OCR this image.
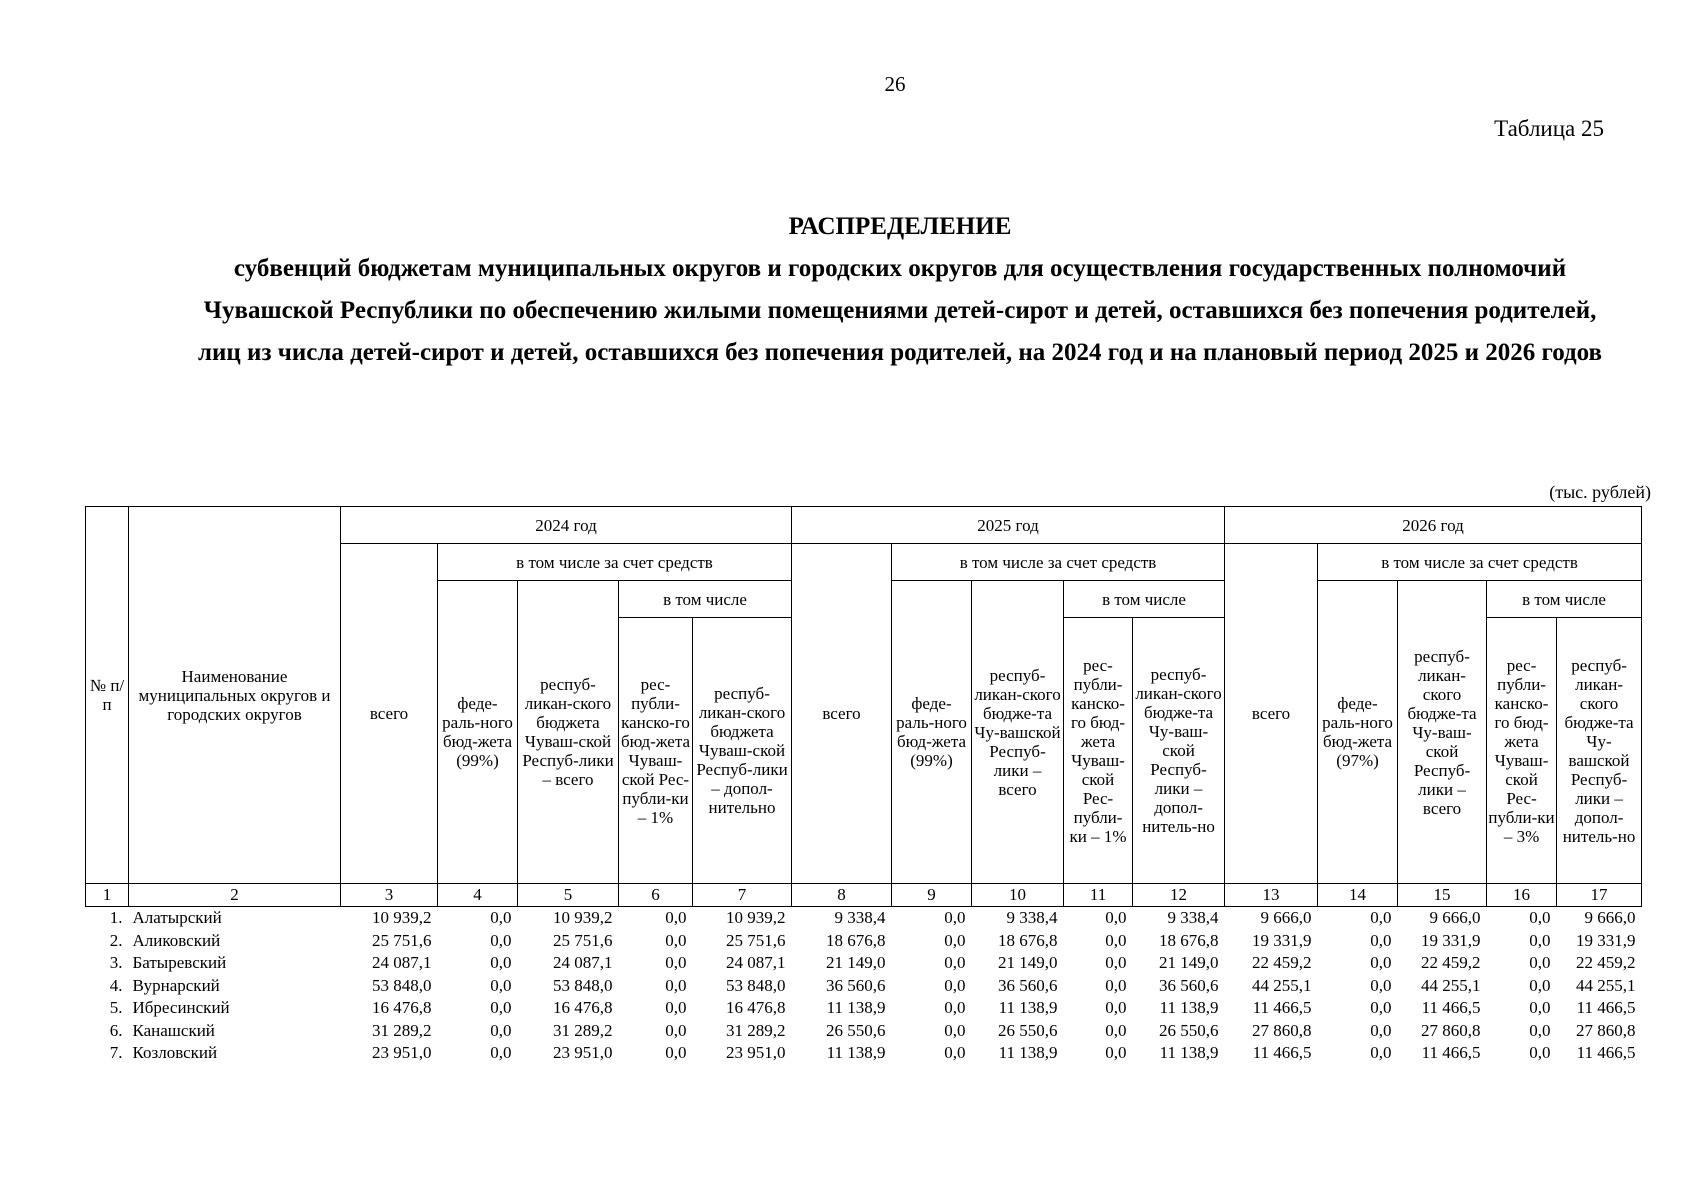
26
Таблица 25
РАСПРЕДЕЛЕНИЕ
субвенций бюджетам муниципальных округов и городских округов для осуществления государственных полномочий Чувашской Республики по обеспечению жилыми помещениями детей-сирот и детей, оставшихся без попечения родителей, лиц из числа детей-сирот и детей, оставшихся без попечения родителей, на 2024 год и на плановый период 2025 и 2026 годов
(тыс. рублей)
№ п/п	Наименование муниципальных округов и городских округов	2024 год					2025 год					2026 год				
		всего	в том числе за счет средств				всего	в том числе за счет средств				всего	в том числе за счет средств			
			феде-раль-ного бюд-жета (99%)	респуб-ликан-ского бюджета Чуваш-ской Респуб-лики – всего	в том числе			феде-раль-ного бюд-жета (99%)	респуб-ликан-ского бюдже-та Чу-вашской Респуб-лики – всего	в том числе			феде-раль-ного бюд-жета (97%)	респуб-ликан-ского бюдже-та Чу-ваш-ской Респуб-лики – всего	в том числе	
					рес-публи-канско-го бюд-жета Чуваш-ской Рес-публи-ки – 1%	респуб-ликан-ского бюджета Чуваш-ской Респуб-лики – допол-нительно				рес-публи-канско-го бюд-жета Чуваш-ской Рес-публи-ки – 1%	респуб-ликан-ского бюдже-та Чу-ваш-ской Респуб-лики – допол-нитель-но				рес-публи-канско-го бюд-жета Чуваш-ской Рес-публи-ки – 3%	респуб-ликан-ского бюдже-та Чу-вашской Респуб-лики – допол-нитель-но
1	2	3	4	5	6	7	8	9	10	11	12	13	14	15	16	17
1.	Алатырский	10 939,2	0,0	10 939,2	0,0	10 939,2	9 338,4	0,0	9 338,4	0,0	9 338,4	9 666,0	0,0	9 666,0	0,0	9 666,0
2.	Аликовский	25 751,6	0,0	25 751,6	0,0	25 751,6	18 676,8	0,0	18 676,8	0,0	18 676,8	19 331,9	0,0	19 331,9	0,0	19 331,9
3.	Батыревский	24 087,1	0,0	24 087,1	0,0	24 087,1	21 149,0	0,0	21 149,0	0,0	21 149,0	22 459,2	0,0	22 459,2	0,0	22 459,2
4.	Вурнарский	53 848,0	0,0	53 848,0	0,0	53 848,0	36 560,6	0,0	36 560,6	0,0	36 560,6	44 255,1	0,0	44 255,1	0,0	44 255,1
5.	Ибресинский	16 476,8	0,0	16 476,8	0,0	16 476,8	11 138,9	0,0	11 138,9	0,0	11 138,9	11 466,5	0,0	11 466,5	0,0	11 466,5
6.	Канашский	31 289,2	0,0	31 289,2	0,0	31 289,2	26 550,6	0,0	26 550,6	0,0	26 550,6	27 860,8	0,0	27 860,8	0,0	27 860,8
7.	Козловский	23 951,0	0,0	23 951,0	0,0	23 951,0	11 138,9	0,0	11 138,9	0,0	11 138,9	11 466,5	0,0	11 466,5	0,0	11 466,5
